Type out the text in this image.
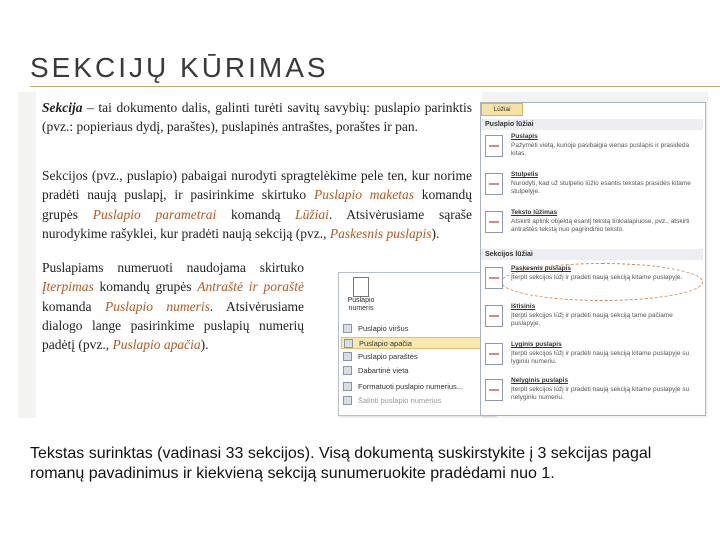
SEKCIJŲ KŪRIMAS

Sekcija – tai dokumento dalis, galinti turėti savitų savybių: puslapio parinktis (pvz.: popieriaus dydį, paraštes), puslapinės antraštes, poraštes ir pan.

Sekcijos (pvz., puslapio) pabaigai nurodyti spragtelėkime pele ten, kur norime pradėti naują puslapį, ir pasirinkime skirtuko Puslapio maketas komandų grupės Puslapio parametrai komandą Lūžiai. Atsivėrusiame sąraše nurodykime rašyklei, kur pradėti naują sekciją (pvz., Paskesnis puslapis).

Puslapiams numeruoti naudojama skirtuko Įterpimas komandų grupės Antraštė ir poraštė komanda Puslapio numeris. Atsivėrusiame dialogo lange pasirinkime puslapių numerių padėtį (pvz., Puslapio apačia).

Puslapio numeris
Puslapio viršus
Puslapio apačia
Puslapio paraštės
Dabartinė vieta
Formatuoti puslapio numerius...
Šalinti puslapio numerius
Lūžiai
Puslapio lūžiai
Puslapis
Pažymėti vietą, kurioje pasibaigia vienas puslapis ir prasideda kitas.
Stulpelis
Nurodyti, kad už stulpelio lūžio esantis tekstas prasidės kitame stulpelyje.
Teksto lūžimas
Atskirti aplink objektą esantį tekstą tinklalapiuose, pvz., atskirti antraštės tekstą nuo pagrindinio teksto.
Sekcijos lūžiai
Paskesnis puslapis
Įterpti sekcijos lūžį ir pradėti naują sekciją kitame puslapyje.
Ištisinis
Įterpti sekcijos lūžį ir pradėti naują sekciją tame pačiame puslapyje.
Lyginis puslapis
Įterpti sekcijos lūžį ir pradėti naują sekciją kitame puslapyje su lyginiu numeriu.
Nelyginis puslapis
Įterpti sekcijos lūžį ir pradėti naują sekciją kitame puslapyje su nelyginiu numeriu.

Tekstas surinktas (vadinasi 33 sekcijos). Visą dokumentą suskirstykite į 3 sekcijas pagal romanų pavadinimus ir kiekvieną sekciją sunumeruokite pradėdami nuo 1.
